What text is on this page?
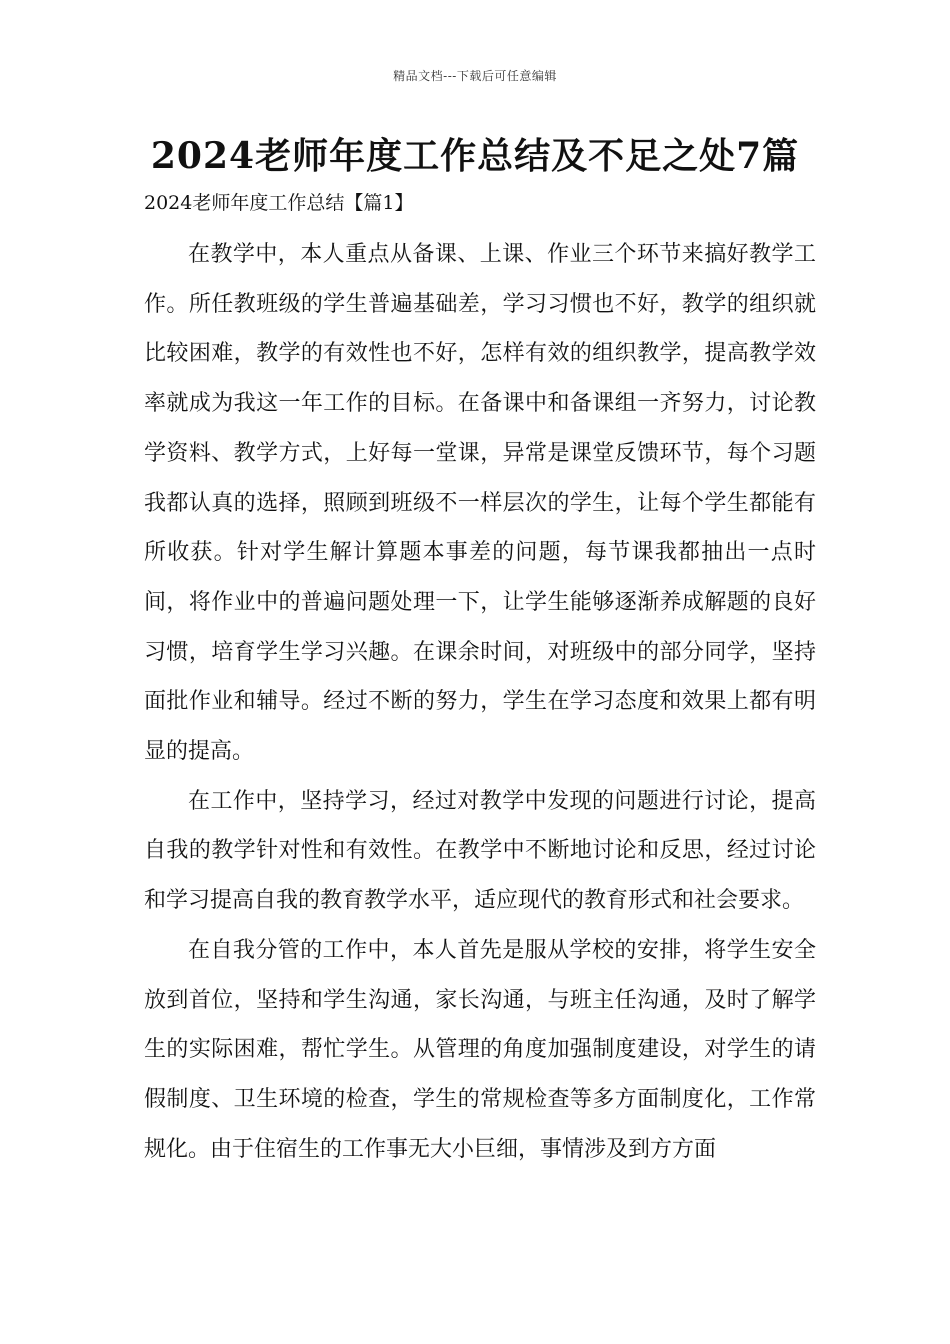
精品文档---下载后可任意编辑
2024老师年度工作总结及不足之处7篇
2024老师年度工作总结【篇1】

在教学中，本人重点从备课、上课、作业三个环节来搞好教学工作。所任教班级的学生普遍基础差，学习习惯也不好，教学的组织就比较困难，教学的有效性也不好，怎样有效的组织教学，提高教学效率就成为我这一年工作的目标。在备课中和备课组一齐努力，讨论教学资料、教学方式，上好每一堂课，异常是课堂反馈环节，每个习题我都认真的选择，照顾到班级不一样层次的学生，让每个学生都能有所收获。针对学生解计算题本事差的问题，每节课我都抽出一点时间，将作业中的普遍问题处理一下，让学生能够逐渐养成解题的良好习惯，培育学生学习兴趣。在课余时间，对班级中的部分同学，坚持面批作业和辅导。经过不断的努力，学生在学习态度和效果上都有明显的提高。

在工作中，坚持学习，经过对教学中发现的问题进行讨论，提高自我的教学针对性和有效性。在教学中不断地讨论和反思，经过讨论和学习提高自我的教育教学水平，适应现代的教育形式和社会要求。

在自我分管的工作中，本人首先是服从学校的安排，将学生安全放到首位，坚持和学生沟通，家长沟通，与班主任沟通，及时了解学生的实际困难，帮忙学生。从管理的角度加强制度建设，对学生的请假制度、卫生环境的检查，学生的常规检查等多方面制度化，工作常规化。由于住宿生的工作事无大小巨细，事情涉及到方方面
